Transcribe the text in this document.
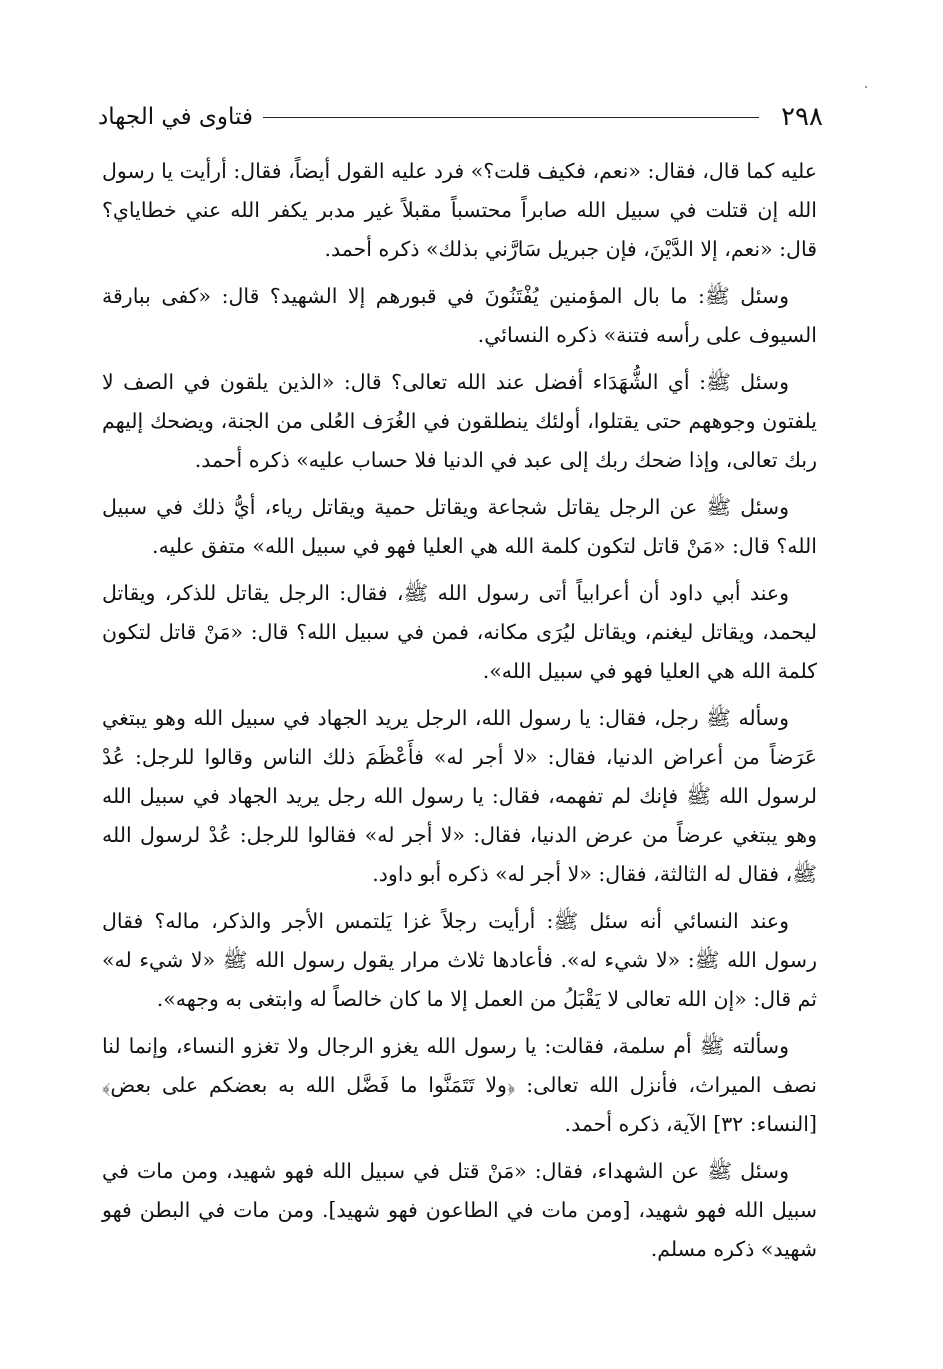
٢٩٨
فتاوى في الجهاد

عليه كما قال، فقال: «نعم، فكيف قلت؟» فرد عليه القول أيضاً، فقال: أرأيت يا رسول الله إن قتلت في سبيل الله صابراً محتسباً مقبلاً غير مدبر يكفر الله عني خطاياي؟ قال: «نعم، إلا الدَّيْنَ، فإن جبريل سَارَّني بذلك» ذكره أحمد.

وسئل ﷺ: ما بال المؤمنين يُفْتَنُونَ في قبورهم إلا الشهيد؟ قال: «كفى ببارقة السيوف على رأسه فتنة» ذكره النسائي.

وسئل ﷺ: أي الشُّهَدَاء أفضل عند الله تعالى؟ قال: «الذين يلقون في الصف لا يلفتون وجوههم حتى يقتلوا، أولئك ينطلقون في الغُرَف العُلى من الجنة، ويضحك إليهم ربك تعالى، وإذا ضحك ربك إلى عبد في الدنيا فلا حساب عليه» ذكره أحمد.

وسئل ﷺ عن الرجل يقاتل شجاعة ويقاتل حمية ويقاتل رياء، أيُّ ذلك في سبيل الله؟ قال: «مَنْ قاتل لتكون كلمة الله هي العليا فهو في سبيل الله» متفق عليه.

وعند أبي داود أن أعرابياً أتى رسول الله ﷺ، فقال: الرجل يقاتل للذكر، ويقاتل ليحمد، ويقاتل ليغنم، ويقاتل ليُرَى مكانه، فمن في سبيل الله؟ قال: «مَنْ قاتل لتكون كلمة الله هي العليا فهو في سبيل الله».

وسأله ﷺ رجل، فقال: يا رسول الله، الرجل يريد الجهاد في سبيل الله وهو يبتغي عَرَضاً من أعراض الدنيا، فقال: «لا أجر له» فأَعْظَمَ ذلك الناس وقالوا للرجل: عُدْ لرسول الله ﷺ فإنك لم تفهمه، فقال: يا رسول الله رجل يريد الجهاد في سبيل الله وهو يبتغي عرضاً من عرض الدنيا، فقال: «لا أجر له» فقالوا للرجل: عُدْ لرسول الله ﷺ، فقال له الثالثة، فقال: «لا أجر له» ذكره أبو داود.

وعند النسائي أنه سئل ﷺ: أرأيت رجلاً غزا يَلتمس الأجر والذكر، ماله؟ فقال رسول الله ﷺ: «لا شيء له». فأعادها ثلاث مرار يقول رسول الله ﷺ «لا شيء له» ثم قال: «إن الله تعالى لا يَقْبَلُ من العمل إلا ما كان خالصاً له وابتغى به وجهه».

وسألته ﷺ أم سلمة، فقالت: يا رسول الله يغزو الرجال ولا تغزو النساء، وإنما لنا نصف الميراث، فأنزل الله تعالى: ﴿ولا تَتَمَنَّوا ما فَضَّل الله به بعضكم على بعض﴾ [النساء: ٣٢] الآية، ذكره أحمد.

وسئل ﷺ عن الشهداء، فقال: «مَنْ قتل في سبيل الله فهو شهيد، ومن مات في سبيل الله فهو شهيد، [ومن مات في الطاعون فهو شهيد]. ومن مات في البطن فهو شهيد» ذكره مسلم.
